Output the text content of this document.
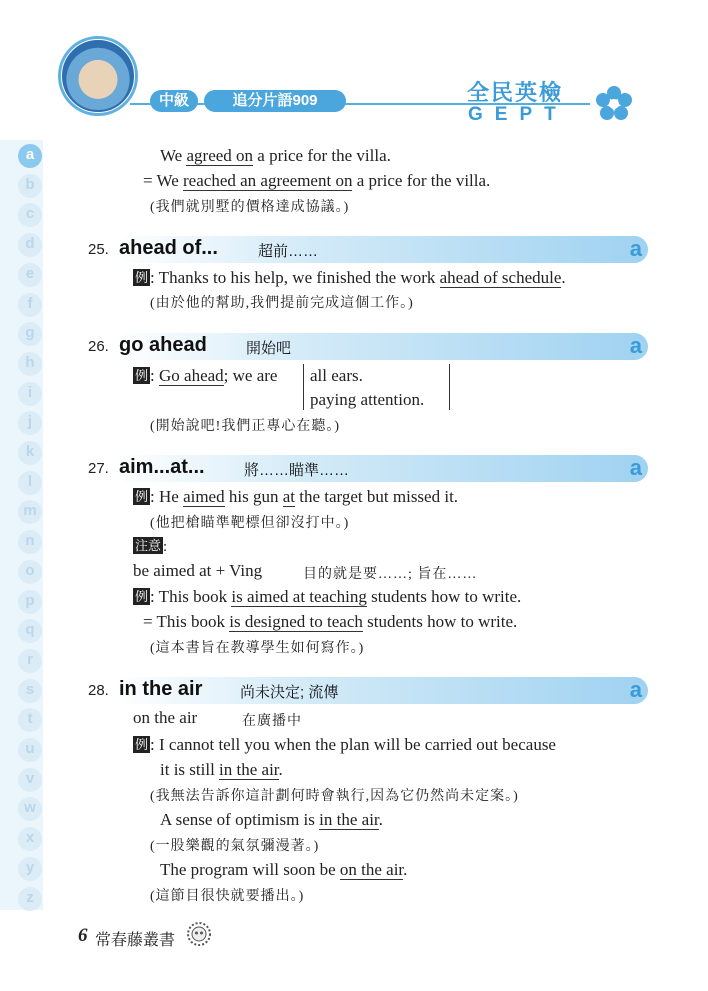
中級	追分片語909	全民英檢
GEPT
a
b
c
d
e
f
g
h
i
j
k
l
m
n
o
p
q
r
s
t
u
v
w
x
y
z
We agreed on a price for the villa.
= We reached an agreement on a price for the villa.
(我們就別墅的價格達成協議。)
25. ahead of...	超前……	a
例 : Thanks to his help, we finished the work ahead of schedule.
(由於他的幫助,我們提前完成這個工作。)
26. go ahead	開始吧	a
例 : Go ahead; we are all ears.
paying attention.
(開始說吧!我們正專心在聽。)
27. aim...at...	將……瞄準……	a
例 : He aimed his gun at the target but missed it.
(他把槍瞄準靶標但卻沒打中。)
注意 :
be aimed at + Ving	目的就是要……; 旨在……
例 : This book is aimed at teaching students how to write.
= This book is designed to teach students how to write.
(這本書旨在教導學生如何寫作。)
28. in the air	尚未決定; 流傳	a
on the air	在廣播中
例 : I cannot tell you when the plan will be carried out because
it is still in the air.
(我無法告訴你這計劃何時會執行,因為它仍然尚未定案。)
A sense of optimism is in the air.
(一股樂觀的氣氛彌漫著。)
The program will soon be on the air.
(這節目很快就要播出。)
6 常春藤叢書
